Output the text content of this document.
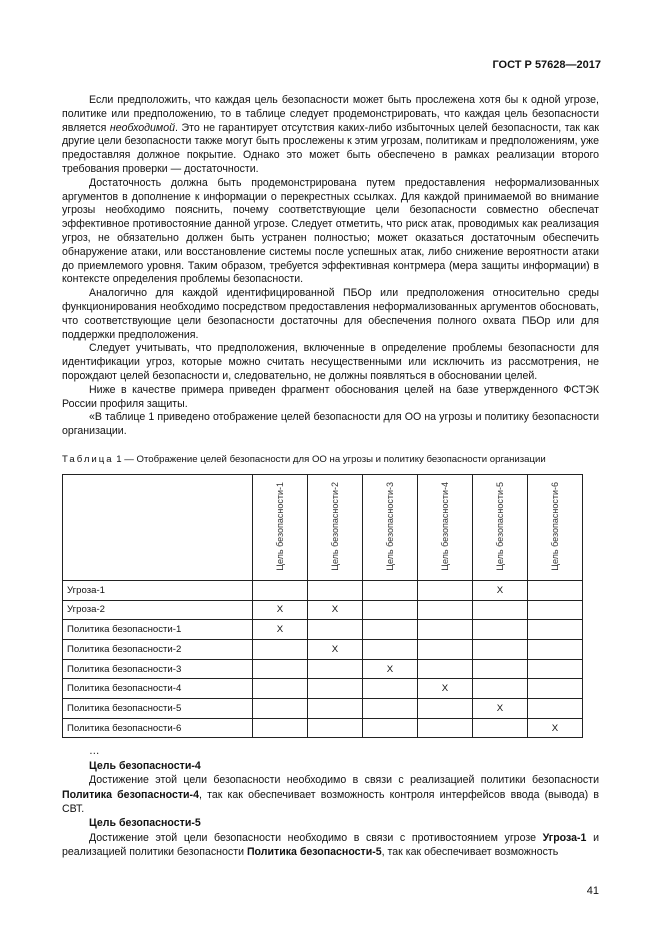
ГОСТ Р 57628—2017

Если предположить, что каждая цель безопасности может быть прослежена хотя бы к одной угрозе, политике или предположению, то в таблице следует продемонстрировать, что каждая цель безопасности является необходимой. Это не гарантирует отсутствия каких-либо избыточных целей безопасности, так как другие цели безопасности также могут быть прослежены к этим угрозам, политикам и предположениям, уже предоставляя должное покрытие. Однако это может быть обеспечено в рамках реализации второго требования проверки — достаточности.

Достаточность должна быть продемонстрирована путем предоставления неформализованных аргументов в дополнение к информации о перекрестных ссылках. Для каждой принимаемой во внимание угрозы необходимо пояснить, почему соответствующие цели безопасности совместно обеспечат эффективное противостояние данной угрозе. Следует отметить, что риск атак, проводимых как реализация угроз, не обязательно должен быть устранен полностью; может оказаться достаточным обеспечить обнаружение атаки, или восстановление системы после успешных атак, либо снижение вероятности атаки до приемлемого уровня. Таким образом, требуется эффективная контрмера (мера защиты информации) в контексте определения проблемы безопасности.

Аналогично для каждой идентифицированной ПБОр или предположения относительно среды функционирования необходимо посредством предоставления неформализованных аргументов обосновать, что соответствующие цели безопасности достаточны для обеспечения полного охвата ПБОр или для поддержки предположения.

Следует учитывать, что предположения, включенные в определение проблемы безопасности для идентификации угроз, которые можно считать несущественными или исключить из рассмотрения, не порождают целей безопасности и, следовательно, не должны появляться в обосновании целей.

Ниже в качестве примера приведен фрагмент обоснования целей на базе утвержденного ФСТЭК России профиля защиты.

«В таблице 1 приведено отображение целей безопасности для ОО на угрозы и политику безопасности организации.

Таблица 1 — Отображение целей безопасности для ОО на угрозы и политику безопасности организации
	Цель безопасности-1	Цель безопасности-2	Цель безопасности-3	Цель безопасности-4	Цель безопасности-5	Цель безопасности-6
Угроза-1					X	
Угроза-2	X	X				
Политика безопасности-1	X					
Политика безопасности-2		X				
Политика безопасности-3			X			
Политика безопасности-4				X		
Политика безопасности-5					X	
Политика безопасности-6						X

…

Цель безопасности-4

Достижение этой цели безопасности необходимо в связи с реализацией политики безопасности Политика безопасности-4, так как обеспечивает возможность контроля интерфейсов ввода (вывода) в СВТ.

Цель безопасности-5

Достижение этой цели безопасности необходимо в связи с противостоянием угрозе Угроза-1 и реализацией политики безопасности Политика безопасности-5, так как обеспечивает возможность

41
